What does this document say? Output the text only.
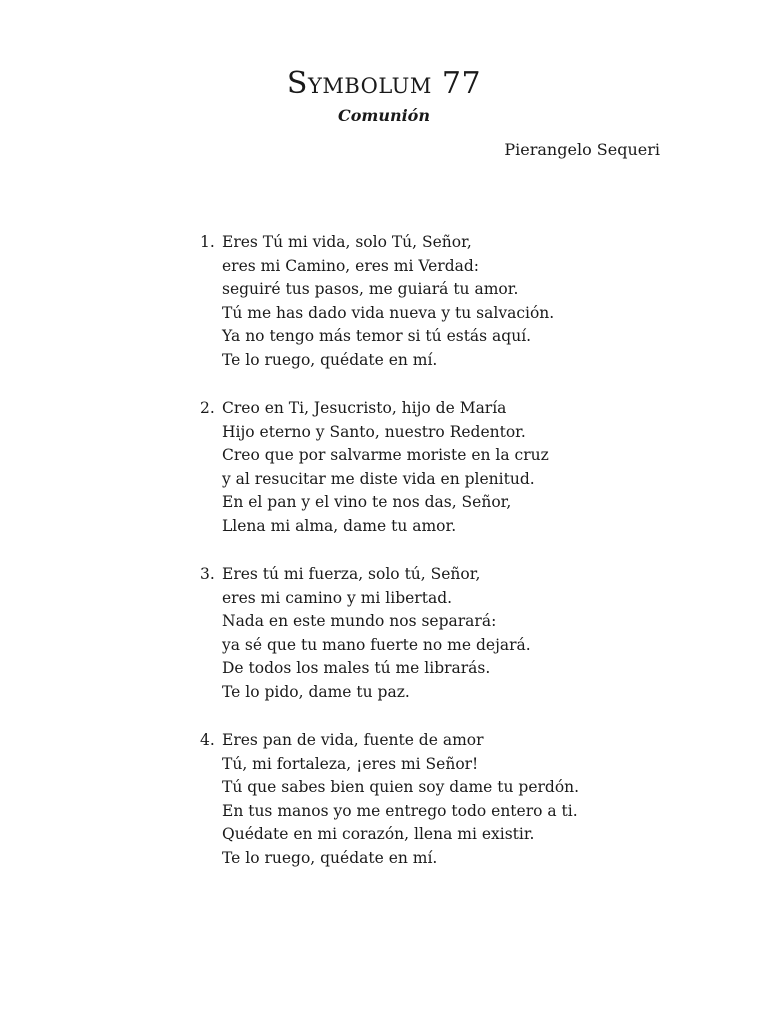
Symbolum 77
Comunión
Pierangelo Sequeri
1. Eres Tú mi vida, solo Tú, Señor,
eres mi Camino, eres mi Verdad:
seguiré tus pasos, me guiará tu amor.
Tú me has dado vida nueva y tu salvación.
Ya no tengo más temor si tú estás aquí.
Te lo ruego, quédate en mí.
2. Creo en Ti, Jesucristo, hijo de María
Hijo eterno y Santo, nuestro Redentor.
Creo que por salvarme moriste en la cruz
y al resucitar me diste vida en plenitud.
En el pan y el vino te nos das, Señor,
Llena mi alma, dame tu amor.
3. Eres tú mi fuerza, solo tú, Señor,
eres mi camino y mi libertad.
Nada en este mundo nos separará:
ya sé que tu mano fuerte no me dejará.
De todos los males tú me librarás.
Te lo pido, dame tu paz.
4. Eres pan de vida, fuente de amor
Tú, mi fortaleza, ¡eres mi Señor!
Tú que sabes bien quien soy dame tu perdón.
En tus manos yo me entrego todo entero a ti.
Quédate en mi corazón, llena mi existir.
Te lo ruego, quédate en mí.
